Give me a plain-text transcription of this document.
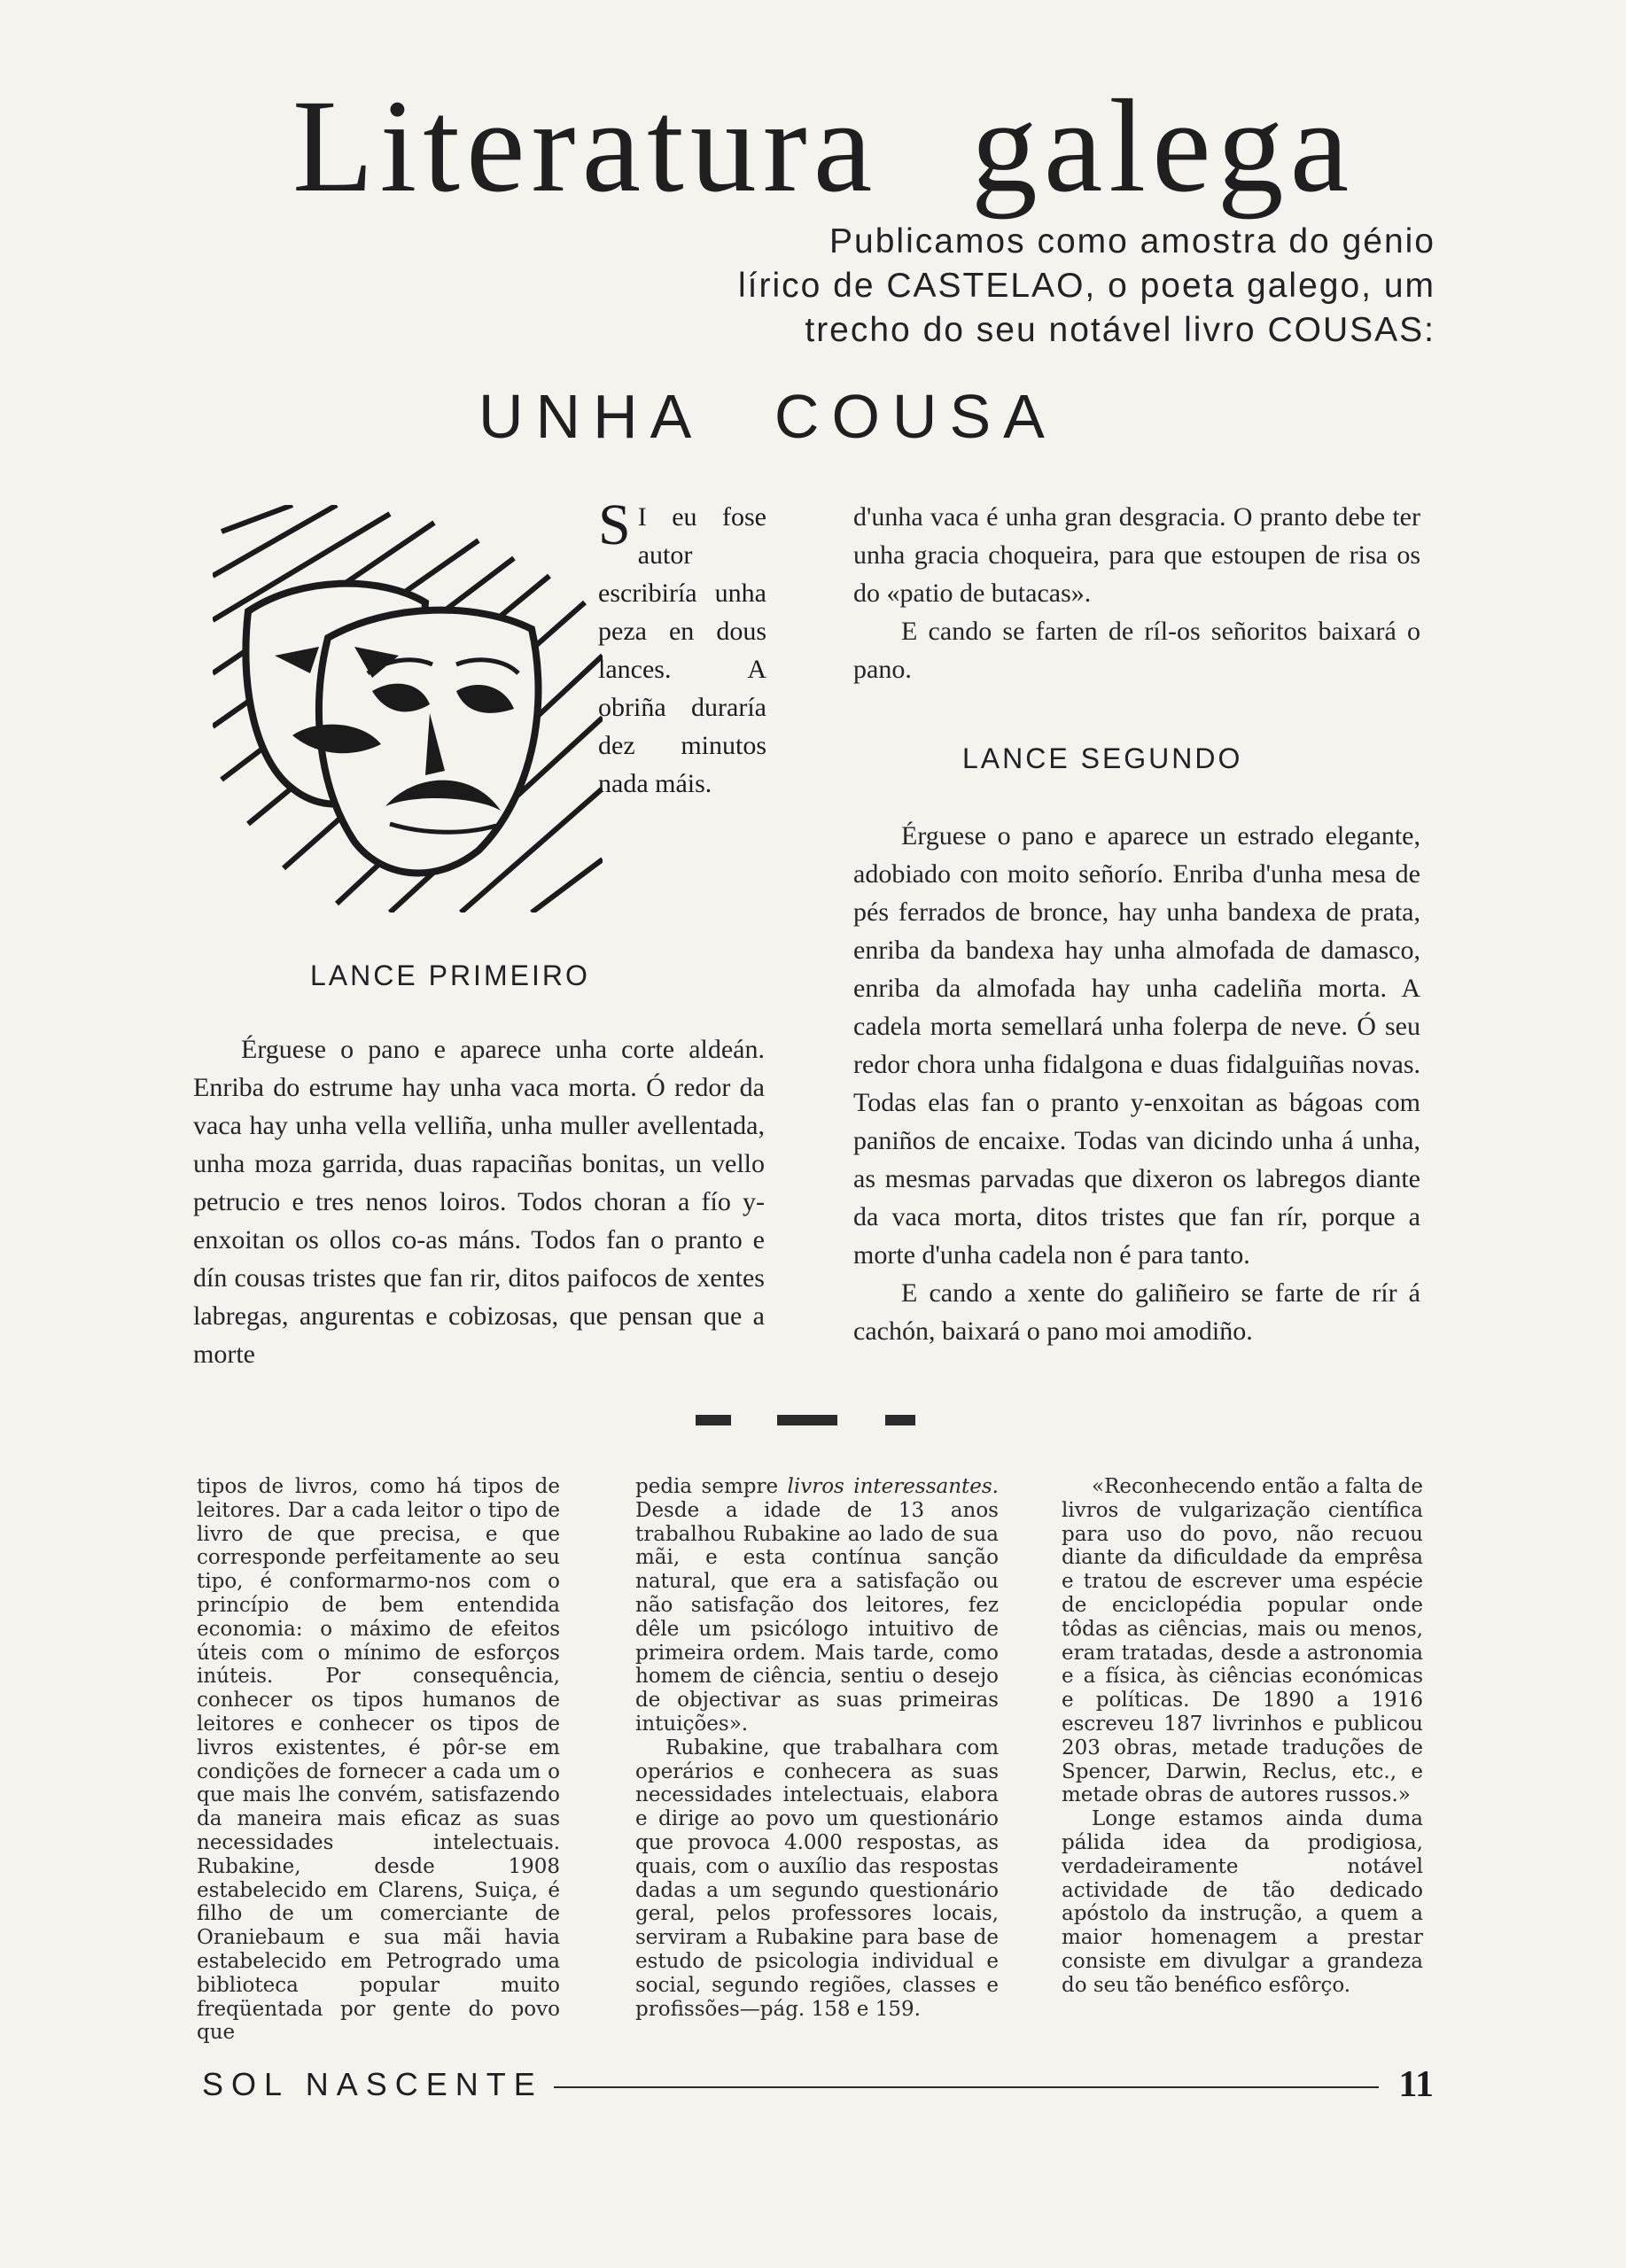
Literatura galega
Publicamos como amostra do génio
lírico de CASTELAO, o poeta galego, um
trecho do seu notável livro COUSAS:
UNHA COUSA

S I eu fose autor escribiría unha peza en dous lances. A obriña duraría dez minutos nada máis.

LANCE PRIMEIRO

Érguese o pano e aparece unha corte aldeán. Enriba do estrume hay unha vaca morta. Ó redor da vaca hay unha vella velliña, unha muller avellentada, unha moza garrida, duas rapaciñas bonitas, un vello petrucio e tres nenos loiros. Todos choran a fío y-enxoitan os ollos co-as máns. Todos fan o pranto e dín cousas tristes que fan rir, ditos paifocos de xentes labregas, angurentas e cobizosas, que pensan que a morte

d'unha vaca é unha gran desgracia. O pranto debe ter unha gracia choqueira, para que estoupen de risa os do «patio de butacas».

E cando se farten de ríl-os señoritos baixará o pano.

LANCE SEGUNDO

Érguese o pano e aparece un estrado elegante, adobiado con moito señorío. Enriba d'unha mesa de pés ferrados de bronce, hay unha bandexa de prata, enriba da bandexa hay unha almofada de damasco, enriba da almofada hay unha cadeliña morta. A cadela morta semellará unha folerpa de neve. Ó seu redor chora unha fidalgona e duas fidalguiñas novas. Todas elas fan o pranto y-enxoitan as bágoas com paniños de encaixe. Todas van dicindo unha á unha, as mesmas parvadas que dixeron os labregos diante da vaca morta, ditos tristes que fan rír, porque a morte d'unha cadela non é para tanto.

E cando a xente do galiñeiro se farte de rír á cachón, baixará o pano moi amodiño.

tipos de livros, como há tipos de leitores. Dar a cada leitor o tipo de livro de que precisa, e que corresponde perfeitamente ao seu tipo, é conformarmo-nos com o princípio de bem entendida economia: o máximo de efeitos úteis com o mínimo de esforços inúteis. Por consequência, conhecer os tipos humanos de leitores e conhecer os tipos de livros existentes, é pôr-se em condições de fornecer a cada um o que mais lhe convém, satisfazendo da maneira mais eficaz as suas necessidades intelectuais. Rubakine, desde 1908 estabelecido em Clarens, Suiça, é filho de um comerciante de Oraniebaum e sua mãi havia estabelecido em Petrogrado uma biblioteca popular muito freqüentada por gente do povo que

pedia sempre livros interessantes. Desde a idade de 13 anos trabalhou Rubakine ao lado de sua mãi, e esta contínua sanção natural, que era a satisfação ou não satisfação dos leitores, fez dêle um psicólogo intuitivo de primeira ordem. Mais tarde, como homem de ciência, sentiu o desejo de objectivar as suas primeiras intuições».

Rubakine, que trabalhara com operários e conhecera as suas necessidades intelectuais, elabora e dirige ao povo um questionário que provoca 4.000 respostas, as quais, com o auxílio das respostas dadas a um segundo questionário geral, pelos professores locais, serviram a Rubakine para base de estudo de psicologia individual e social, segundo regiões, classes e profissões—pág. 158 e 159.

«Reconhecendo então a falta de livros de vulgarização científica para uso do povo, não recuou diante da dificuldade da emprêsa e tratou de escrever uma espécie de enciclopédia popular onde tôdas as ciências, mais ou menos, eram tratadas, desde a astronomia e a física, às ciências económicas e políticas. De 1890 a 1916 escreveu 187 livrinhos e publicou 203 obras, metade traduções de Spencer, Darwin, Reclus, etc., e metade obras de autores russos.»

Longe estamos ainda duma pálida idea da prodigiosa, verdadeiramente notável actividade de tão dedicado apóstolo da instrução, a quem a maior homenagem a prestar consiste em divulgar a grandeza do seu tão benéfico esfôrço.

SOL NASCENTE	11
